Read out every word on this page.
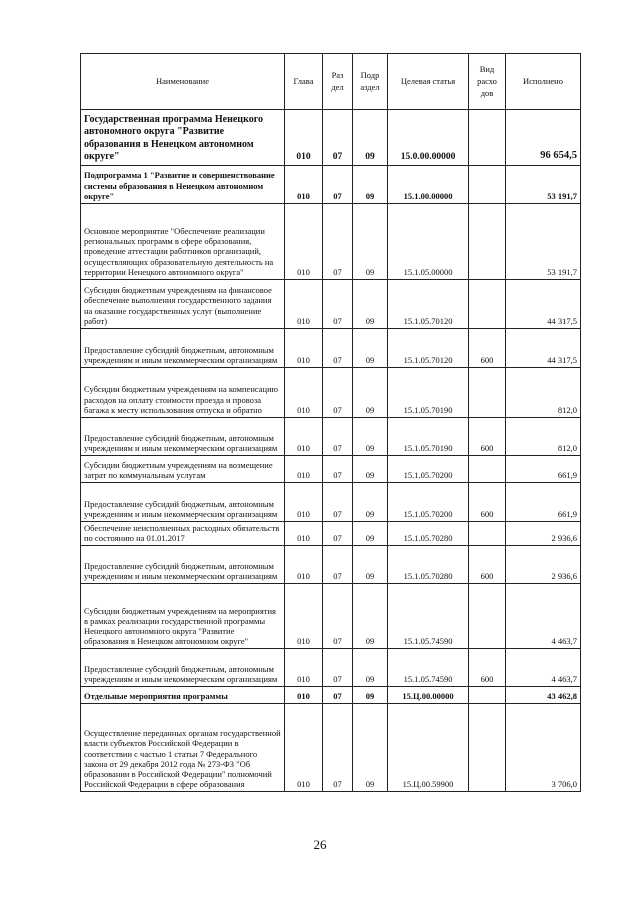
Наименование	Глава	Раз дел	Подр аздел	Целевая статья	Вид расхо дов	Исполнено
Государственная программа Ненецкого автономного округа "Развитие образования в Ненецком автономном округе"	010	07	09	15.0.00.00000		96 654,5
Подпрограмма 1 "Развитие и совершенствование системы образования в Ненецком автономном округе"	010	07	09	15.1.00.00000		53 191,7
Основное мероприятие "Обеспечение реализации региональных программ в сфере образования, проведение аттестации работников организаций, осуществляющих образовательную деятельность на территории Ненецкого автономного округа"	010	07	09	15.1.05.00000		53 191,7
Субсидии бюджетным учреждениям на финансовое обеспечение выполнения государственного задания на оказание государственных услуг (выполнение работ)	010	07	09	15.1.05.70120		44 317,5
Предоставление субсидий бюджетным, автономным учреждениям и иным некоммерческим организациям	010	07	09	15.1.05.70120	600	44 317,5
Субсидии бюджетным учреждениям на компенсацию расходов на оплату стоимости проезда и провоза багажа к месту использования отпуска и обратно	010	07	09	15.1.05.70190		812,0
Предоставление субсидий бюджетным, автономным учреждениям и иным некоммерческим организациям	010	07	09	15.1.05.70190	600	812,0
Субсидии бюджетным учреждениям на возмещение затрат по коммунальным услугам	010	07	09	15.1.05.70200		661,9
Предоставление субсидий бюджетным, автономным учреждениям и иным некоммерческим организациям	010	07	09	15.1.05.70200	600	661,9
Обеспечение неисполненных расходных обязательств по состоянию на 01.01.2017	010	07	09	15.1.05.70280		2 936,6
Предоставление субсидий бюджетным, автономным учреждениям и иным некоммерческим организациям	010	07	09	15.1.05.70280	600	2 936,6
Субсидии бюджетным учреждениям на мероприятия в рамках реализации государственной программы Ненецкого автономного округа "Развитие образования в Ненецком автономном округе"	010	07	09	15.1.05.74590		4 463,7
Предоставление субсидий бюджетным, автономным учреждениям и иным некоммерческим организациям	010	07	09	15.1.05.74590	600	4 463,7
Отдельные мероприятия программы	010	07	09	15.Ц.00.00000		43 462,8
Осуществление переданных органам государственной власти субъектов Российской Федерации в соответствии с частью 1 статьи 7 Федерального закона от 29 декабря 2012 года № 273-ФЗ "Об образовании в Российской Федерации" полномочий Российской Федерации в сфере образования	010	07	09	15.Ц.00.59900		3 706,0
26
